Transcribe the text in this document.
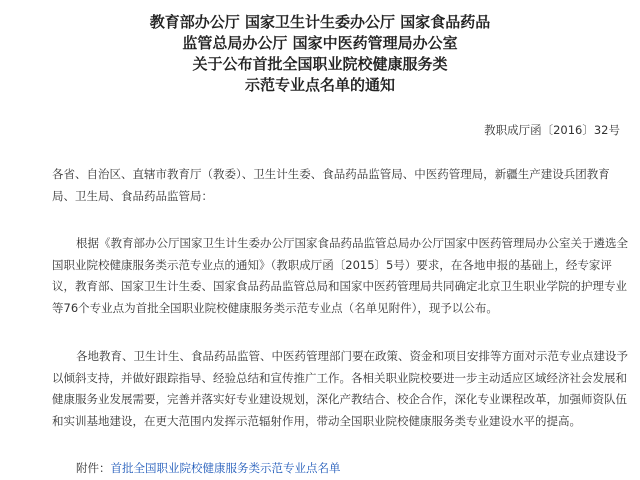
教育部办公厅 国家卫生计生委办公厅 国家食品药品
监管总局办公厅 国家中医药管理局办公室
关于公布首批全国职业院校健康服务类
示范专业点名单的通知
教职成厅函〔2016〕32号
各省、自治区、直辖市教育厅（教委）、卫生计生委、食品药品监管局、中医药管理局，新疆生产建设兵团教育
局、卫生局、食品药品监管局：
根据《教育部办公厅国家卫生计生委办公厅国家食品药品监管总局办公厅国家中医药管理局办公室关于遴选全
国职业院校健康服务类示范专业点的通知》（教职成厅函〔2015〕5号）要求，在各地申报的基础上，经专家评
议，教育部、国家卫生计生委、国家食品药品监管总局和国家中医药管理局共同确定北京卫生职业学院的护理专业
等76个专业点为首批全国职业院校健康服务类示范专业点（名单见附件），现予以公布。
各地教育、卫生计生、食品药品监管、中医药管理部门要在政策、资金和项目安排等方面对示范专业点建设予
以倾斜支持，并做好跟踪指导、经验总结和宣传推广工作。各相关职业院校要进一步主动适应区域经济社会发展和
健康服务业发展需要，完善并落实好专业建设规划，深化产教结合、校企合作，深化专业课程改革，加强师资队伍
和实训基地建设，在更大范围内发挥示范辐射作用，带动全国职业院校健康服务类专业建设水平的提高。
附件：首批全国职业院校健康服务类示范专业点名单
